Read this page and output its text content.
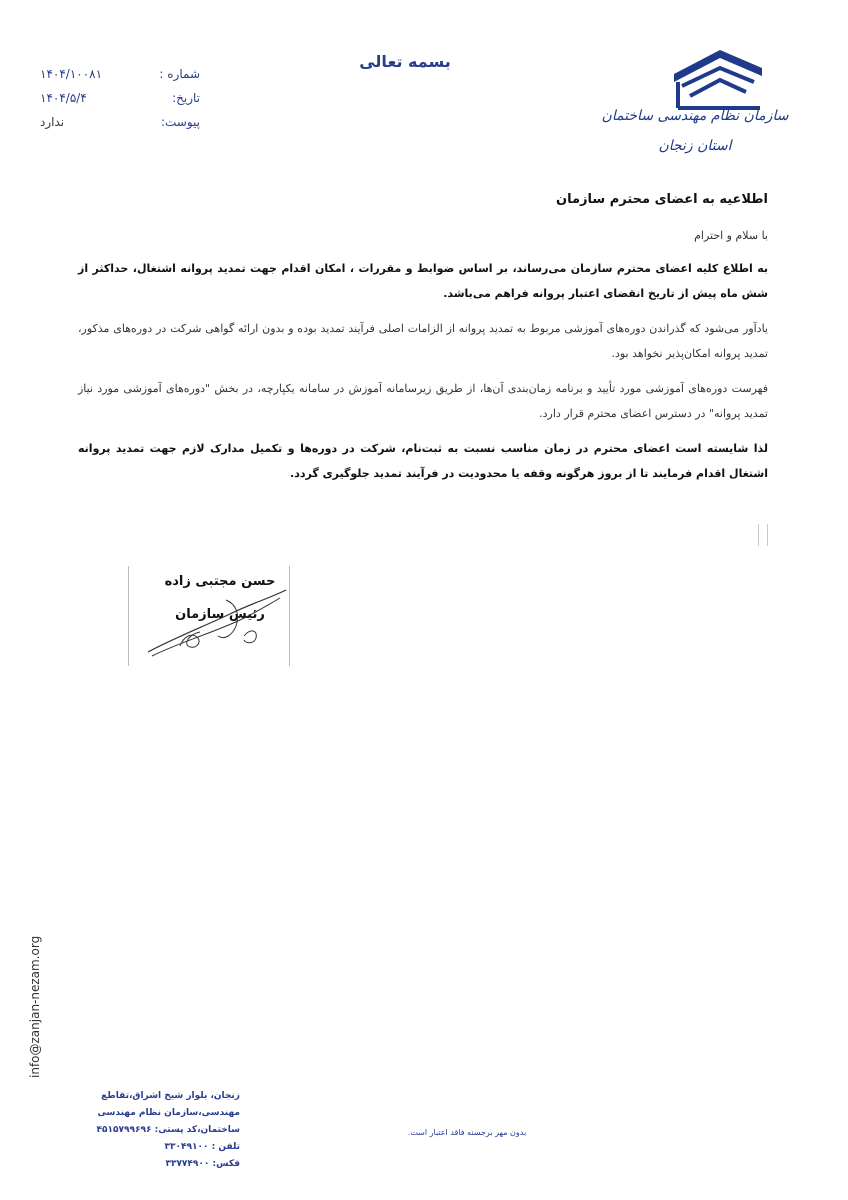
بسمه تعالی
شماره :
۱۴۰۴/۱۰۰۸۱
تاریخ:
۱۴۰۴/۵/۴
پیوست:
ندارد	سازمان نظام مهندسی ساختمان
استان زنجان
اطلاعیه به اعضای محترم سازمان
با سلام و احترام
به اطلاع کلیه اعضای محترم سازمان می‌رساند، بر اساس ضوابط و مقررات ، امکان اقدام جهت تمدید پروانه اشتغال، حداکثر از شش ماه پیش از تاریخ انقضای اعتبار پروانه فراهم می‌باشد.
یادآور می‌شود که گذراندن دوره‌های آموزشی مربوط به تمدید پروانه از الزامات اصلی فرآیند تمدید بوده و بدون ارائه گواهی شرکت در دوره‌های مذکور، تمدید پروانه امکان‌پذیر نخواهد بود.
فهرست دوره‌های آموزشی مورد تأیید و برنامه زمان‌بندی آن‌ها، از طریق زیرسامانه آموزش در سامانه یکپارچه، در بخش "دوره‌های آموزشی مورد نیاز تمدید پروانه" در دسترس اعضای محترم قرار دارد.
لذا شایسته است اعضای محترم در زمان مناسب نسبت به ثبت‌نام، شرکت در دوره‌ها و تکمیل مدارک لازم جهت تمدید پروانه اشتغال اقدام فرمایند تا از بروز هرگونه وقفه یا محدودیت در فرآیند تمدید جلوگیری گردد.
حسن مجتبی زاده
رئیس سازمان
info@zanjan-nezam.org
زنجان، بلوار شیخ اشراق،تقاطع
مهندسی،سازمان نظام مهندسی
ساختمان،کد پستی: ۴۵۱۵۷۹۹۶۹۶
تلفن : ۳۳۰۴۹۱۰۰
فکس: ۳۳۷۷۴۹۰۰
بدون مهر برجسته فاقد اعتبار است.
